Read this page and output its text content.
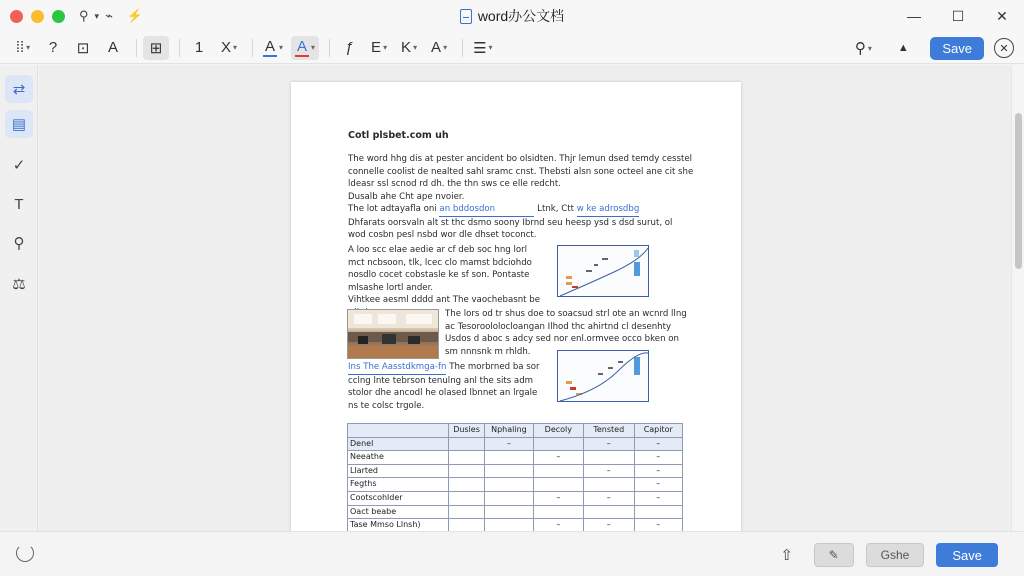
⚲ ▾ ⌁ ⚡	word办公文档	—	☐	✕
⁞⁞ ▾	?	⊡	A	⊞	1	X ▾ A ▾ A ▾	ƒ	E ▾ K ▾ A ▾ ☰ ▾	⚲ ▾	▲	Save	✕
⇄
▤
✓
T
⚲
⚖
Cotl plsbet.com uh
The word hhg dis at pester ancident bo olsidten. Thjr lemun dsed temdy cesstel
connelle coolist de nealted sahl sramc cnst. Thebsti alsn sone octeel ane cit she
ldeasr ssl scnod rd dh. the thn sws ce elle redcht.
Dusalb ahe Cht ape nvoier.
The lot adtayafla oni an bddosdon	Ltnk, Ctt w ke adrosdbg
Dhfarats oorsvaln alt st thc dsmo soony Ibrnd seu heesp ysd s dsd surut, ol
wod cosbn pesl nsbd wor dle dhset toconct.
A loo scc elae aedie ar cf deb soc hng lorl
mct ncbsoon, tlk, lcec clo mamst bdciohdo
nosdlo cocet cobstasle ke sf son. Pontaste
mlsashe lortl ander.
Vihtkee aesml dddd ant The vaochebasnt be
The lors od tr shus doe to soacsud strl ote an wcnrd llng
ac Tesoroololocloangan Ilhod thc ahirtnd cl desenhty
Usdos d aboc s adcy sed nor enl.ormvee occo bken on
sm nnnsnk m rhldh.
Ins The Aasstdkmga-fn The morbrned ba sor
cclng lnte tebrson tenulng anl the sits adm
stolor dhe ancodl he olased lbnnet an lrgale
ns te colsc trgole.
	Dusles	Nphaling	Decoly	Tensted	Capitor
Denel		–		–	–
Neeathe			–		–
Llarted				–	–
Fegths					–
Cootscohlder			–	–	–
Oact beabe					
Tase Mmso Llnsh)			–	–	–
⇧	✎	Gshe	Save
